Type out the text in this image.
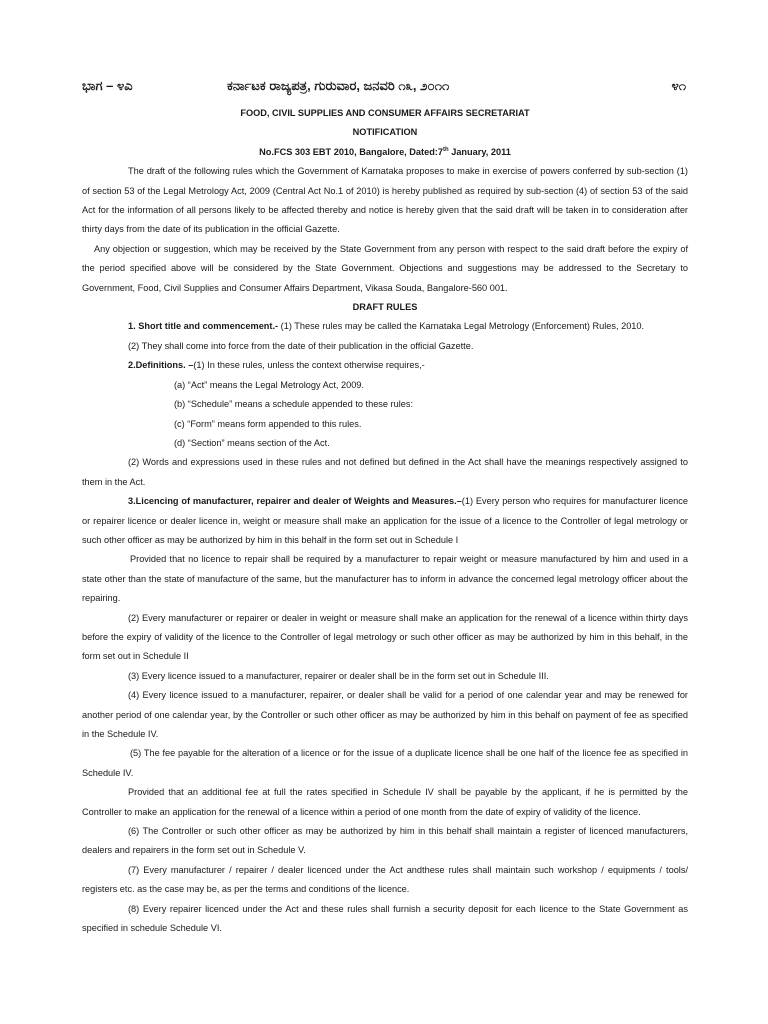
ಭಾಗ – ೪ಎ	ಕರ್ನಾಟಕ ರಾಜ್ಯಪತ್ರ, ಗುರುವಾರ, ಜನವರಿ ೧೩, ೨೦೧೧	೪೧

FOOD, CIVIL SUPPLIES AND CONSUMER AFFAIRS SECRETARIAT

NOTIFICATION

No.FCS 303 EBT 2010, Bangalore, Dated:7th January, 2011

The draft of the following rules which the Government of Karnataka proposes to make in exercise of powers conferred by sub-section (1) of section 53 of the Legal Metrology Act, 2009 (Central Act No.1 of 2010) is hereby published as required by sub-section (4) of section 53 of the said Act for the information of all persons likely to be affected thereby and notice is hereby given that the said draft will be taken in to consideration after thirty days from the date of its publication in the official Gazette.

Any objection or suggestion, which may be received by the State Government from any person with respect to the said draft before the expiry of the period specified above will be considered by the State Government. Objections and suggestions may be addressed to the Secretary to Government, Food, Civil Supplies and Consumer Affairs Department, Vikasa Souda, Bangalore-560 001.

DRAFT RULES

1. Short title and commencement.- (1) These rules may be called the Karnataka Legal Metrology (Enforcement) Rules, 2010.

(2) They shall come into force from the date of their publication in the official Gazette.

2.Definitions. –(1) In these rules, unless the context otherwise requires,-

(a) “Act” means the Legal Metrology Act, 2009.

(b) “Schedule” means a schedule appended to these rules:

(c) “Form” means form appended to this rules.

(d) “Section” means section of the Act.

(2) Words and expressions used in these rules and not defined but defined in the Act shall have the meanings respectively assigned to them in the Act.

3.Licencing of manufacturer, repairer and dealer of Weights and Measures.–(1) Every person who requires for manufacturer licence or repairer licence or dealer licence in, weight or measure shall make an application for the issue of a licence to the Controller of legal metrology or such other officer as may be authorized by him in this behalf in the form set out in Schedule I

Provided that no licence to repair shall be required by a manufacturer to repair weight or measure manufactured by him and used in a state other than the state of manufacture of the same, but the manufacturer has to inform in advance the concerned legal metrology officer about the repairing.

(2) Every manufacturer or repairer or dealer in weight or measure shall make an application for the renewal of a licence within thirty days before the expiry of validity of the licence to the Controller of legal metrology or such other officer as may be authorized by him in this behalf, in the form set out in Schedule II

(3) Every licence issued to a manufacturer, repairer or dealer shall be in the form set out in Schedule III.

(4) Every licence issued to a manufacturer, repairer, or dealer shall be valid for a period of one calendar year and may be renewed for another period of one calendar year, by the Controller or such other officer as may be authorized by him in this behalf on payment of fee as specified in the Schedule IV.

(5) The fee payable for the alteration of a licence or for the issue of a duplicate licence shall be one half of the licence fee as specified in Schedule IV.

Provided that an additional fee at full the rates specified in Schedule IV shall be payable by the applicant, if he is permitted by the Controller to make an application for the renewal of a licence within a period of one month from the date of expiry of validity of the licence.

(6) The Controller or such other officer as may be authorized by him in this behalf shall maintain a register of licenced manufacturers, dealers and repairers in the form set out in Schedule V.

(7) Every manufacturer / repairer / dealer licenced under the Act andthese rules shall maintain such workshop / equipments / tools/ registers etc. as the case may be, as per the terms and conditions of the licence.

(8) Every repairer licenced under the Act and these rules shall furnish a security deposit for each licence to the State Government as specified in schedule Schedule VI.
